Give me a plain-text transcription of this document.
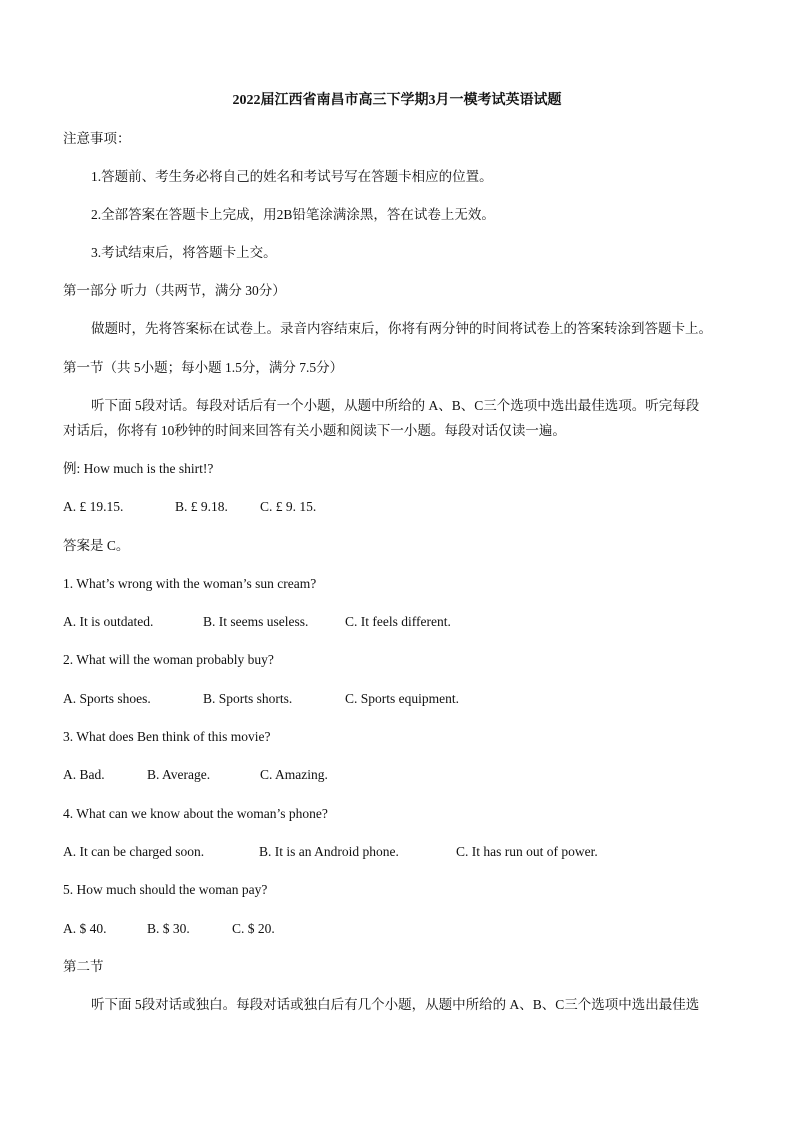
2022届江西省南昌市高三下学期3月一模考试英语试题
注意事项：
1.答题前、考生务必将自己的姓名和考试号写在答题卡相应的位置。
2.全部答案在答题卡上完成，用2B铅笔涂满涂黑，答在试卷上无效。
3.考试结束后，将答题卡上交。
第一部分 听力（共两节，满分 30分）
做题时，先将答案标在试卷上。录音内容结束后，你将有两分钟的时间将试卷上的答案转涂到答题卡上。
第一节（共 5小题；每小题 1.5分，满分 7.5分）
听下面 5段对话。每段对话后有一个小题，从题中所给的 A、B、C三个选项中选出最佳选项。听完每段
对话后，你将有 10秒钟的时间来回答有关小题和阅读下一小题。每段对话仅读一遍。
例: How much is the shirt!?
A. £ 19.15.	B. £ 9.18. C. £ 9. 15.
答案是 C。
1. What’s wrong with the woman’s sun cream?
A. It is outdated.	B. It seems useless.	C. It feels different.
2. What will the woman probably buy?
A. Sports shoes.	B. Sports shorts.	C. Sports equipment.
3. What does Ben think of this movie?
A. Bad.	B. Average.	C. Amazing.
4. What can we know about the woman’s phone?
A. It can be charged soon.	B. It is an Android phone.	C. It has run out of power.
5. How much should the woman pay?
A. $ 40.	B. $ 30.	C. $ 20.
第二节
听下面 5段对话或独白。每段对话或独白后有几个小题，从题中所给的 A、B、C三个选项中选出最佳选
